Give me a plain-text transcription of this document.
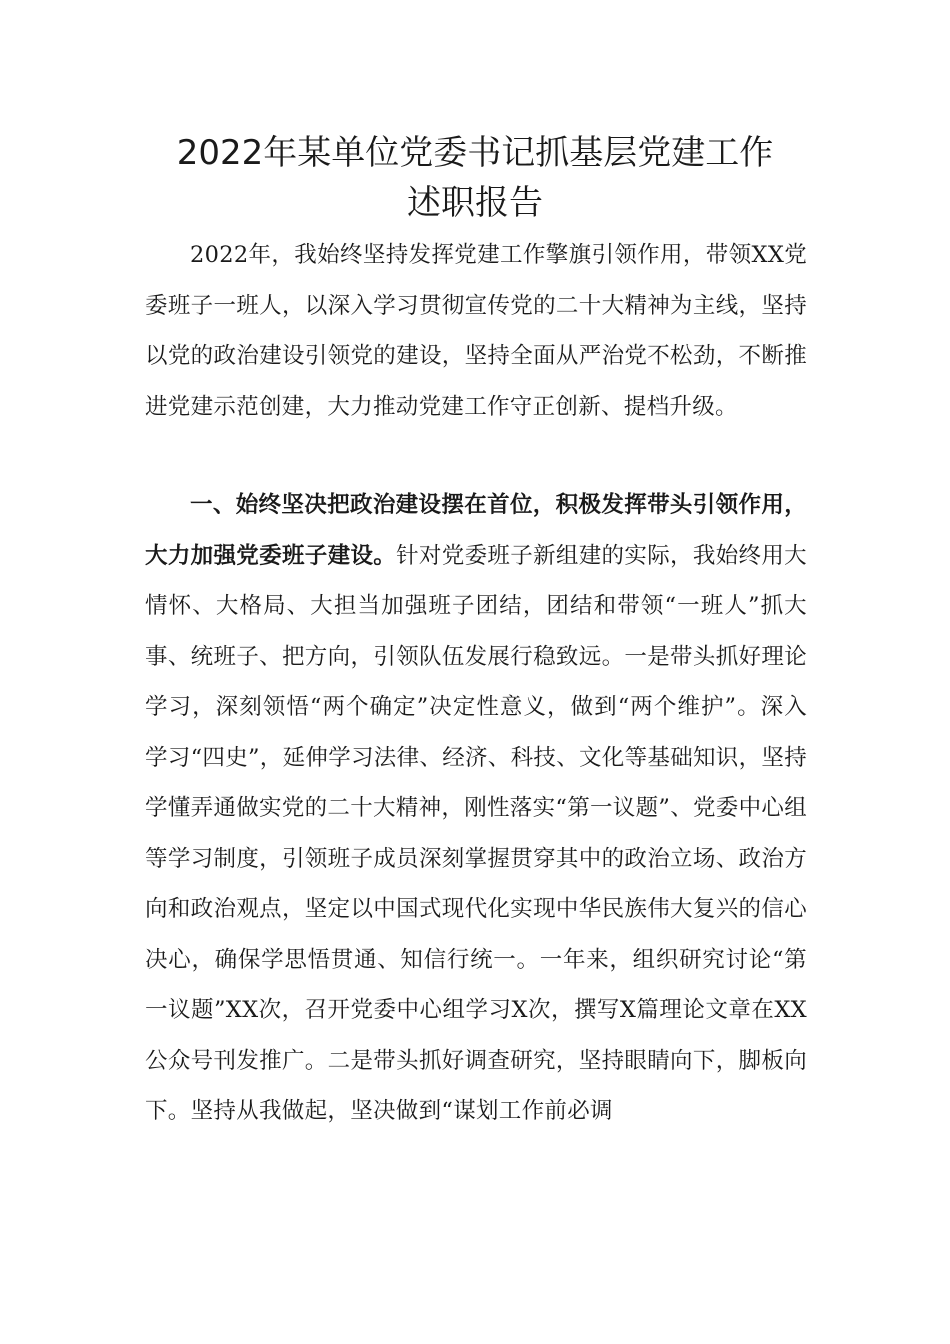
2022年某单位党委书记抓基层党建工作
述职报告

2022年，我始终坚持发挥党建工作擎旗引领作用，带领XX党委班子一班人，以深入学习贯彻宣传党的二十大精神为主线，坚持以党的政治建设引领党的建设，坚持全面从严治党不松劲，不断推进党建示范创建，大力推动党建工作守正创新、提档升级。

一、始终坚决把政治建设摆在首位，积极发挥带头引领作用，大力加强党委班子建设。针对党委班子新组建的实际，我始终用大情怀、大格局、大担当加强班子团结，团结和带领“一班人”抓大事、统班子、把方向，引领队伍发展行稳致远。一是带头抓好理论学习，深刻领悟“两个确定”决定性意义，做到“两个维护”。深入学习“四史”，延伸学习法律、经济、科技、文化等基础知识，坚持学懂弄通做实党的二十大精神，刚性落实“第一议题”、党委中心组等学习制度，引领班子成员深刻掌握贯穿其中的政治立场、政治方向和政治观点，坚定以中国式现代化实现中华民族伟大复兴的信心决心，确保学思悟贯通、知信行统一。一年来，组织研究讨论“第一议题”XX次，召开党委中心组学习X次，撰写X篇理论文章在XX公众号刊发推广。二是带头抓好调查研究，坚持眼睛向下，脚板向下。坚持从我做起，坚决做到“谋划工作前必调
